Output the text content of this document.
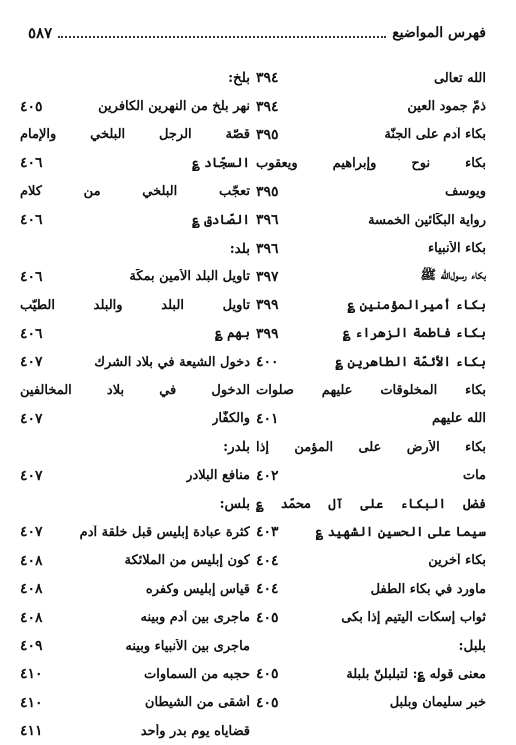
فهرس المواضيع
٥٨٧
الله تعالى
٣٩٤
ذمّ جمود العين
٣٩٤
بكاء آدم على الجنّة
٣٩٥
بكاء نوح وإبراهيم ويعقوب
ويوسف
٣٩٥
رواية البكّائين الخمسة
٣٩٦
بكاء الأنبياء
٣٩٦
بكاء رسول‌الله ﷺ
٣٩٧
بكاء أميرالمؤمنين ؏
٣٩٩
بكاء فاطمة الزهراء ؏
٣٩٩
بكاء الأئمّة الطاهرين ؏
٤٠٠
بكاء المخلوقات عليهم صلوات
الله عليهم
٤٠١
بكاء الأرض على المؤمن إذا
مات
٤٠٢
فضل البكاء على آل محمّد ؏
سيما على الحسين الشهيد ؏
٤٠٣
بكاء آخرين
٤٠٤
ماورد في بكاء الطفل
٤٠٤
ثواب إسكات اليتيم إذا بكى
٤٠٥
بلبل:
معنى قوله ؏: لتبلبلنّ بلبلة
٤٠٥
خبر سليمان وبلبل
٤٠٥
بلخ:
نهر بلخ من النهرين الكافرين
٤٠٥
قصّة الرجل البلخي والإمام
السجّاد ؏
٤٠٦
تعجّب البلخي من كلام
الصّادق ؏
٤٠٦
بلد:
تأويل البلد الأمين بمكّة
٤٠٦
تأويل البلد والبلد الطيّب
بهم ؏
٤٠٦
دخول الشيعة في بلاد الشرك
٤٠٧
الدخول في بلاد المخالفين
والكفّار
٤٠٧
بلدر:
منافع البلادر
٤٠٧
بلس:
كثرة عبادة إبليس قبل خلقة آدم
٤٠٧
كون إبليس من الملائكة
٤٠٨
قياس إبليس وكفره
٤٠٨
ماجرى بين آدم وبينه
٤٠٨
ماجرى بين الأنبياء وبينه
٤٠٩
حجبه من السماوات
٤١٠
أشقى من الشيطان
٤١٠
قضاياه يوم بدر وأُحد
٤١١
